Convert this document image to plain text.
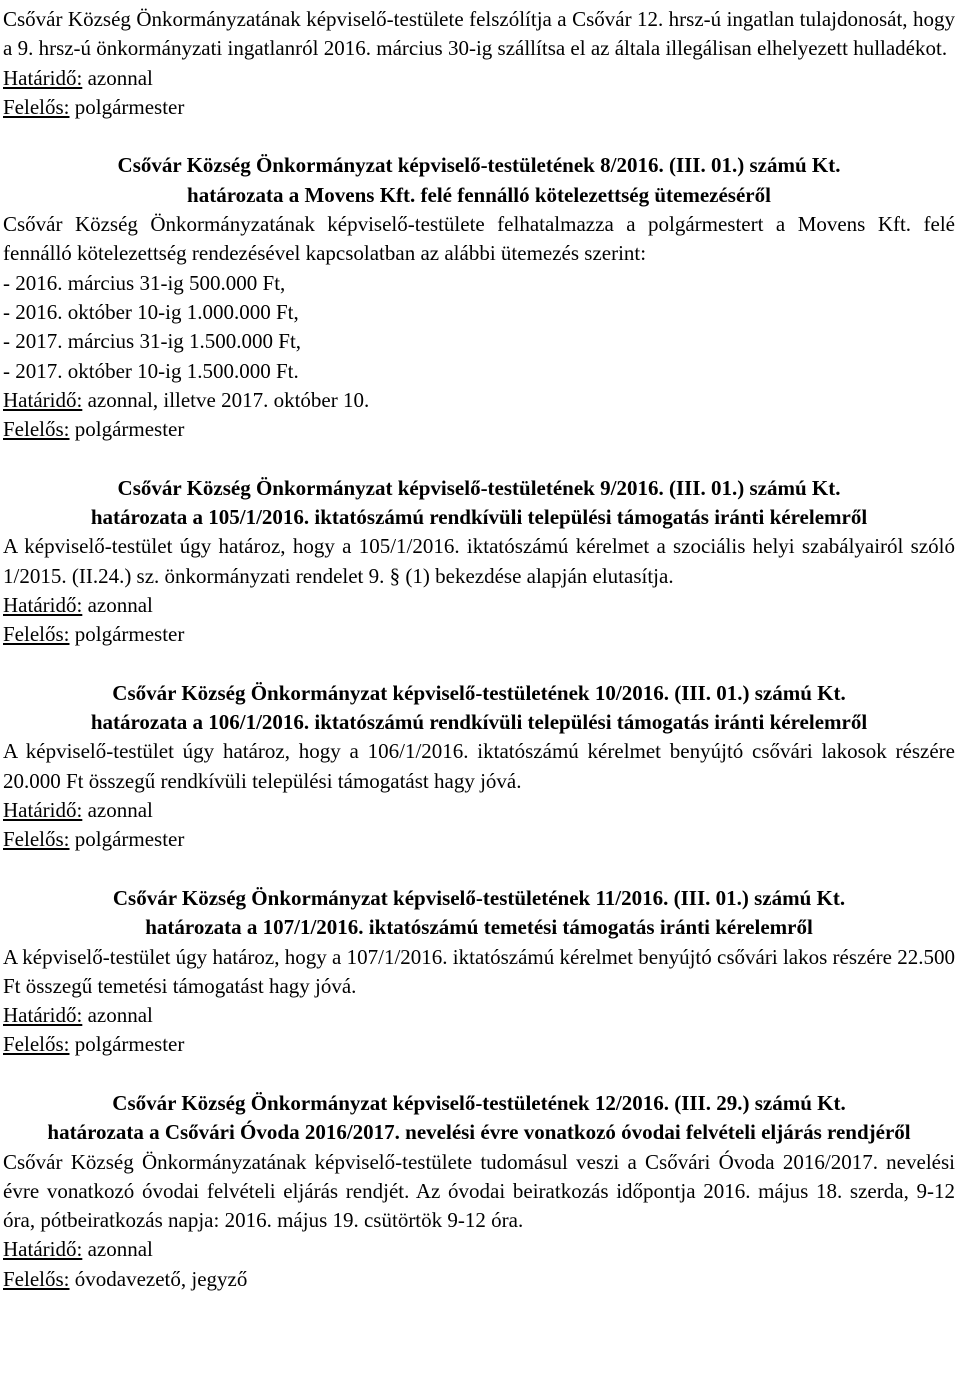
Csővár Község Önkormányzatának képviselő-testülete felszólítja a Csővár 12. hrsz-ú ingatlan tulajdonosát, hogy a 9. hrsz-ú önkormányzati ingatlanról 2016. március 30-ig szállítsa el az általa illegálisan elhelyezett hulladékot.

Határidő: azonnal

Felelős: polgármester

Csővár Község Önkormányzat képviselő-testületének 8/2016. (III. 01.) számú Kt.

határozata a Movens Kft. felé fennálló kötelezettség ütemezéséről

Csővár Község Önkormányzatának képviselő-testülete felhatalmazza a polgármestert a Movens Kft. felé fennálló kötelezettség rendezésével kapcsolatban az alábbi ütemezés szerint:

- 2016. március 31-ig 500.000 Ft,

- 2016. október 10-ig 1.000.000 Ft,

- 2017. március 31-ig 1.500.000 Ft,

- 2017. október 10-ig 1.500.000 Ft.

Határidő: azonnal, illetve 2017. október 10.

Felelős: polgármester

Csővár Község Önkormányzat képviselő-testületének 9/2016. (III. 01.) számú Kt.

határozata a 105/1/2016. iktatószámú rendkívüli települési támogatás iránti kérelemről

A képviselő-testület úgy határoz, hogy a 105/1/2016. iktatószámú kérelmet a szociális helyi szabályairól szóló 1/2015. (II.24.) sz. önkormányzati rendelet 9. § (1) bekezdése alapján elutasítja.

Határidő: azonnal

Felelős: polgármester

Csővár Község Önkormányzat képviselő-testületének 10/2016. (III. 01.) számú Kt.

határozata a 106/1/2016. iktatószámú rendkívüli települési támogatás iránti kérelemről

A képviselő-testület úgy határoz, hogy a 106/1/2016. iktatószámú kérelmet benyújtó csővári lakosok részére 20.000 Ft összegű rendkívüli települési támogatást hagy jóvá.

Határidő: azonnal

Felelős: polgármester

Csővár Község Önkormányzat képviselő-testületének 11/2016. (III. 01.) számú Kt.

határozata a 107/1/2016. iktatószámú temetési támogatás iránti kérelemről

A képviselő-testület úgy határoz, hogy a 107/1/2016. iktatószámú kérelmet benyújtó csővári lakos részére 22.500 Ft összegű temetési támogatást hagy jóvá.

Határidő: azonnal

Felelős: polgármester

Csővár Község Önkormányzat képviselő-testületének 12/2016. (III. 29.) számú Kt.

határozata a Csővári Óvoda 2016/2017. nevelési évre vonatkozó óvodai felvételi eljárás rendjéről

Csővár Község Önkormányzatának képviselő-testülete tudomásul veszi a Csővári Óvoda 2016/2017. nevelési évre vonatkozó óvodai felvételi eljárás rendjét. Az óvodai beiratkozás időpontja 2016. május 18. szerda, 9-12 óra, pótbeiratkozás napja: 2016. május 19. csütörtök 9-12 óra.

Határidő: azonnal

Felelős: óvodavezető, jegyző
